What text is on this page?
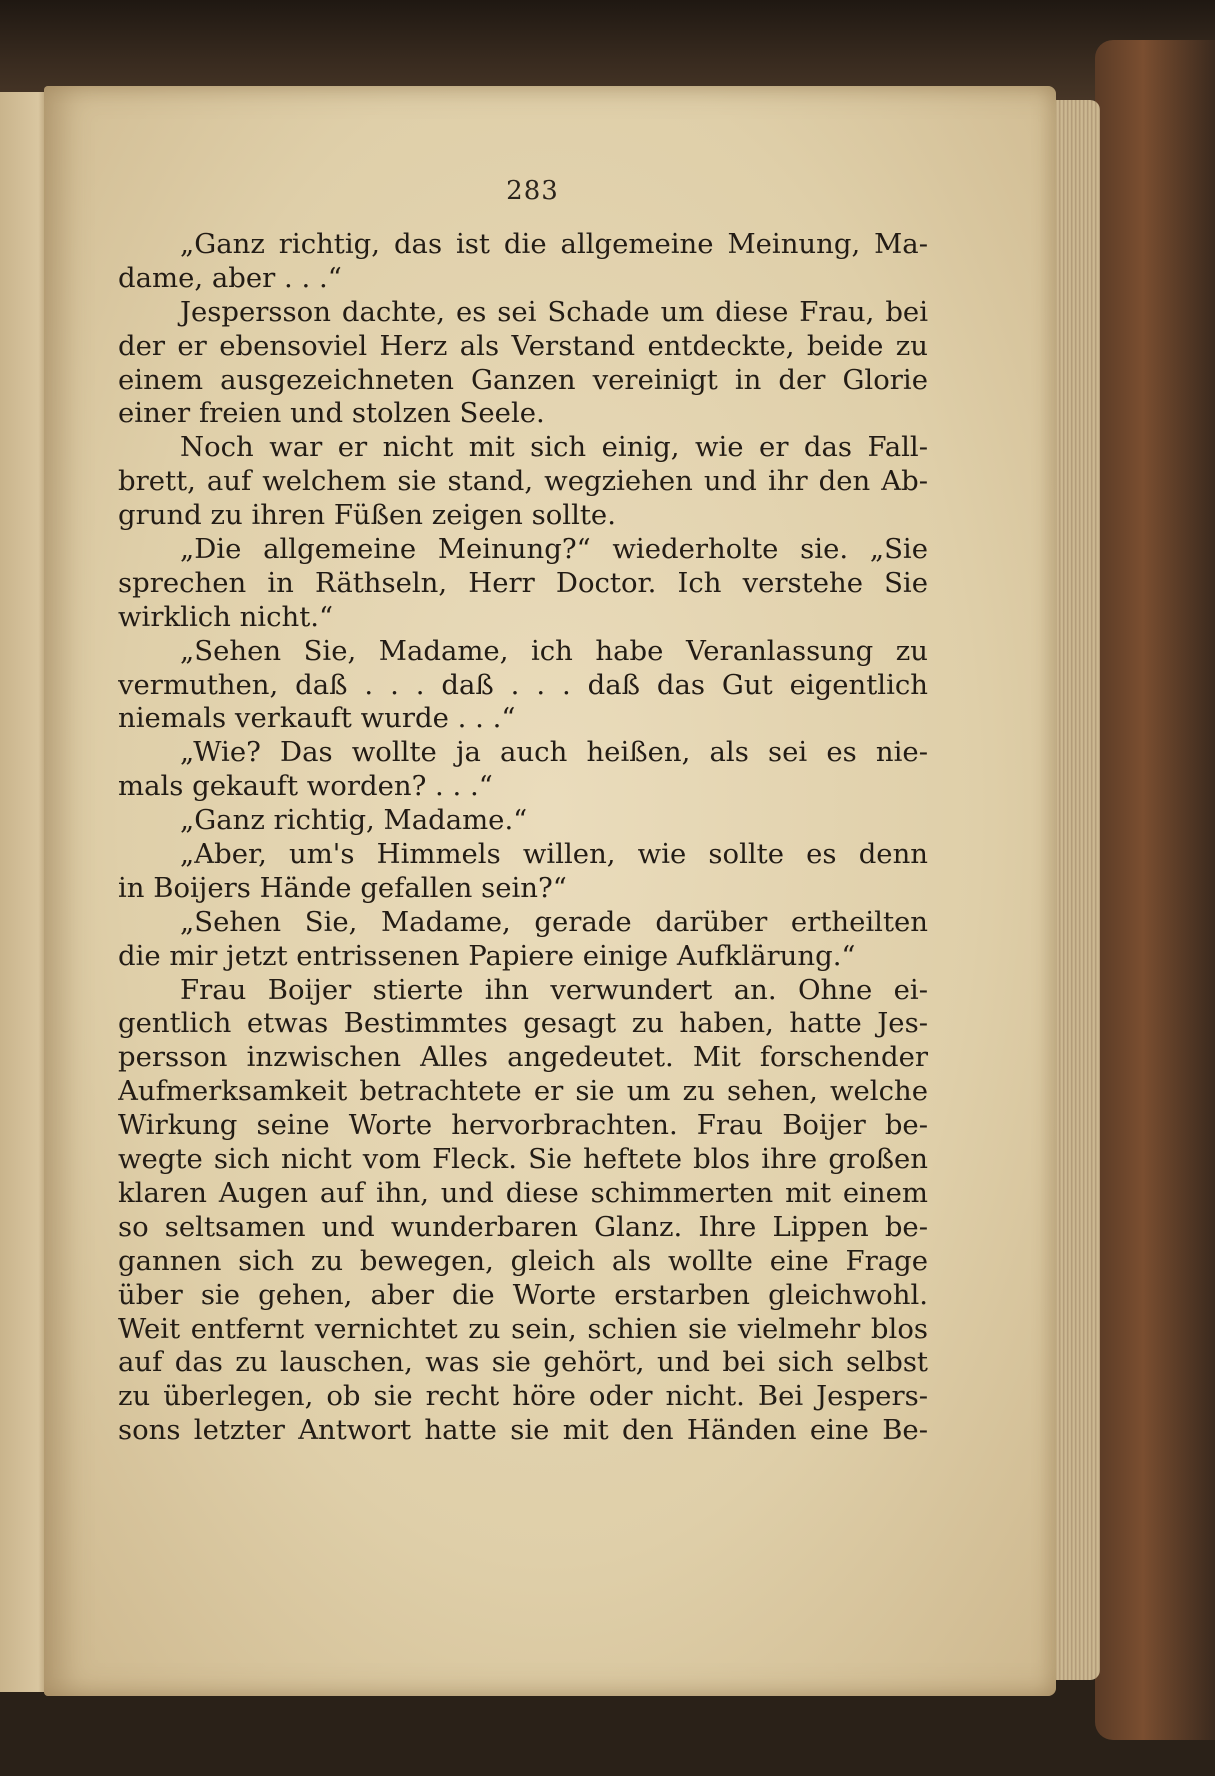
283
„Ganz richtig, das ist die allgemeine Meinung, Ma-
dame, aber . . .“
Jespersson dachte, es sei Schade um diese Frau, bei
der er ebensoviel Herz als Verstand entdeckte, beide zu
einem ausgezeichneten Ganzen vereinigt in der Glorie
einer freien und stolzen Seele.
Noch war er nicht mit sich einig, wie er das Fall-
brett, auf welchem sie stand, wegziehen und ihr den Ab-
grund zu ihren Füßen zeigen sollte.
„Die allgemeine Meinung?“ wiederholte sie. „Sie
sprechen in Räthseln, Herr Doctor. Ich verstehe Sie
wirklich nicht.“
„Sehen Sie, Madame, ich habe Veranlassung zu
vermuthen, daß . . . daß . . . daß das Gut eigentlich
niemals verkauft wurde . . .“
„Wie? Das wollte ja auch heißen, als sei es nie-
mals gekauft worden? . . .“
„Ganz richtig, Madame.“
„Aber, um's Himmels willen, wie sollte es denn
in Boijers Hände gefallen sein?“
„Sehen Sie, Madame, gerade darüber ertheilten
die mir jetzt entrissenen Papiere einige Aufklärung.“
Frau Boijer stierte ihn verwundert an. Ohne ei-
gentlich etwas Bestimmtes gesagt zu haben, hatte Jes-
persson inzwischen Alles angedeutet. Mit forschender
Aufmerksamkeit betrachtete er sie um zu sehen, welche
Wirkung seine Worte hervorbrachten. Frau Boijer be-
wegte sich nicht vom Fleck. Sie heftete blos ihre großen
klaren Augen auf ihn, und diese schimmerten mit einem
so seltsamen und wunderbaren Glanz. Ihre Lippen be-
gannen sich zu bewegen, gleich als wollte eine Frage
über sie gehen, aber die Worte erstarben gleichwohl.
Weit entfernt vernichtet zu sein, schien sie vielmehr blos
auf das zu lauschen, was sie gehört, und bei sich selbst
zu überlegen, ob sie recht höre oder nicht. Bei Jespers-
sons letzter Antwort hatte sie mit den Händen eine Be-
